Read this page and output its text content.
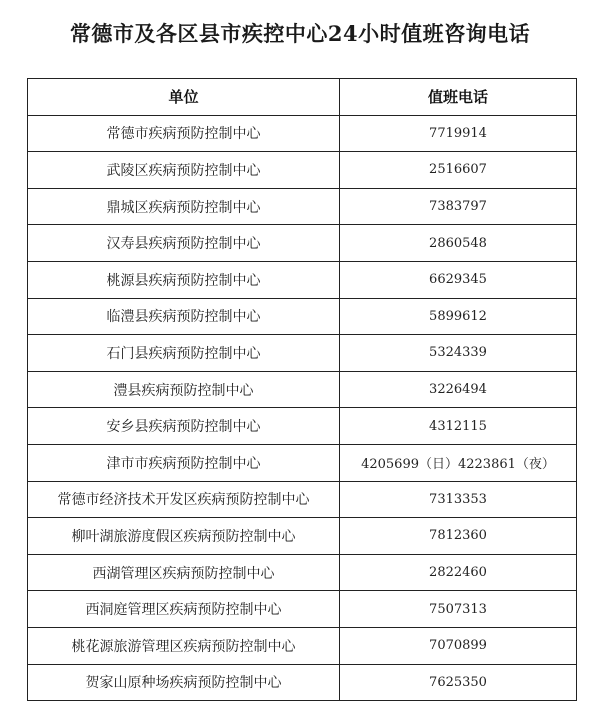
常德市及各区县市疾控中心24小时值班咨询电话
单位	值班电话
常德市疾病预防控制中心	7719914
武陵区疾病预防控制中心	2516607
鼎城区疾病预防控制中心	7383797
汉寿县疾病预防控制中心	2860548
桃源县疾病预防控制中心	6629345
临澧县疾病预防控制中心	5899612
石门县疾病预防控制中心	5324339
澧县疾病预防控制中心	3226494
安乡县疾病预防控制中心	4312115
津市市疾病预防控制中心	4205699（日）4223861（夜）
常德市经济技术开发区疾病预防控制中心	7313353
柳叶湖旅游度假区疾病预防控制中心	7812360
西湖管理区疾病预防控制中心	2822460
西洞庭管理区疾病预防控制中心	7507313
桃花源旅游管理区疾病预防控制中心	7070899
贺家山原种场疾病预防控制中心	7625350
